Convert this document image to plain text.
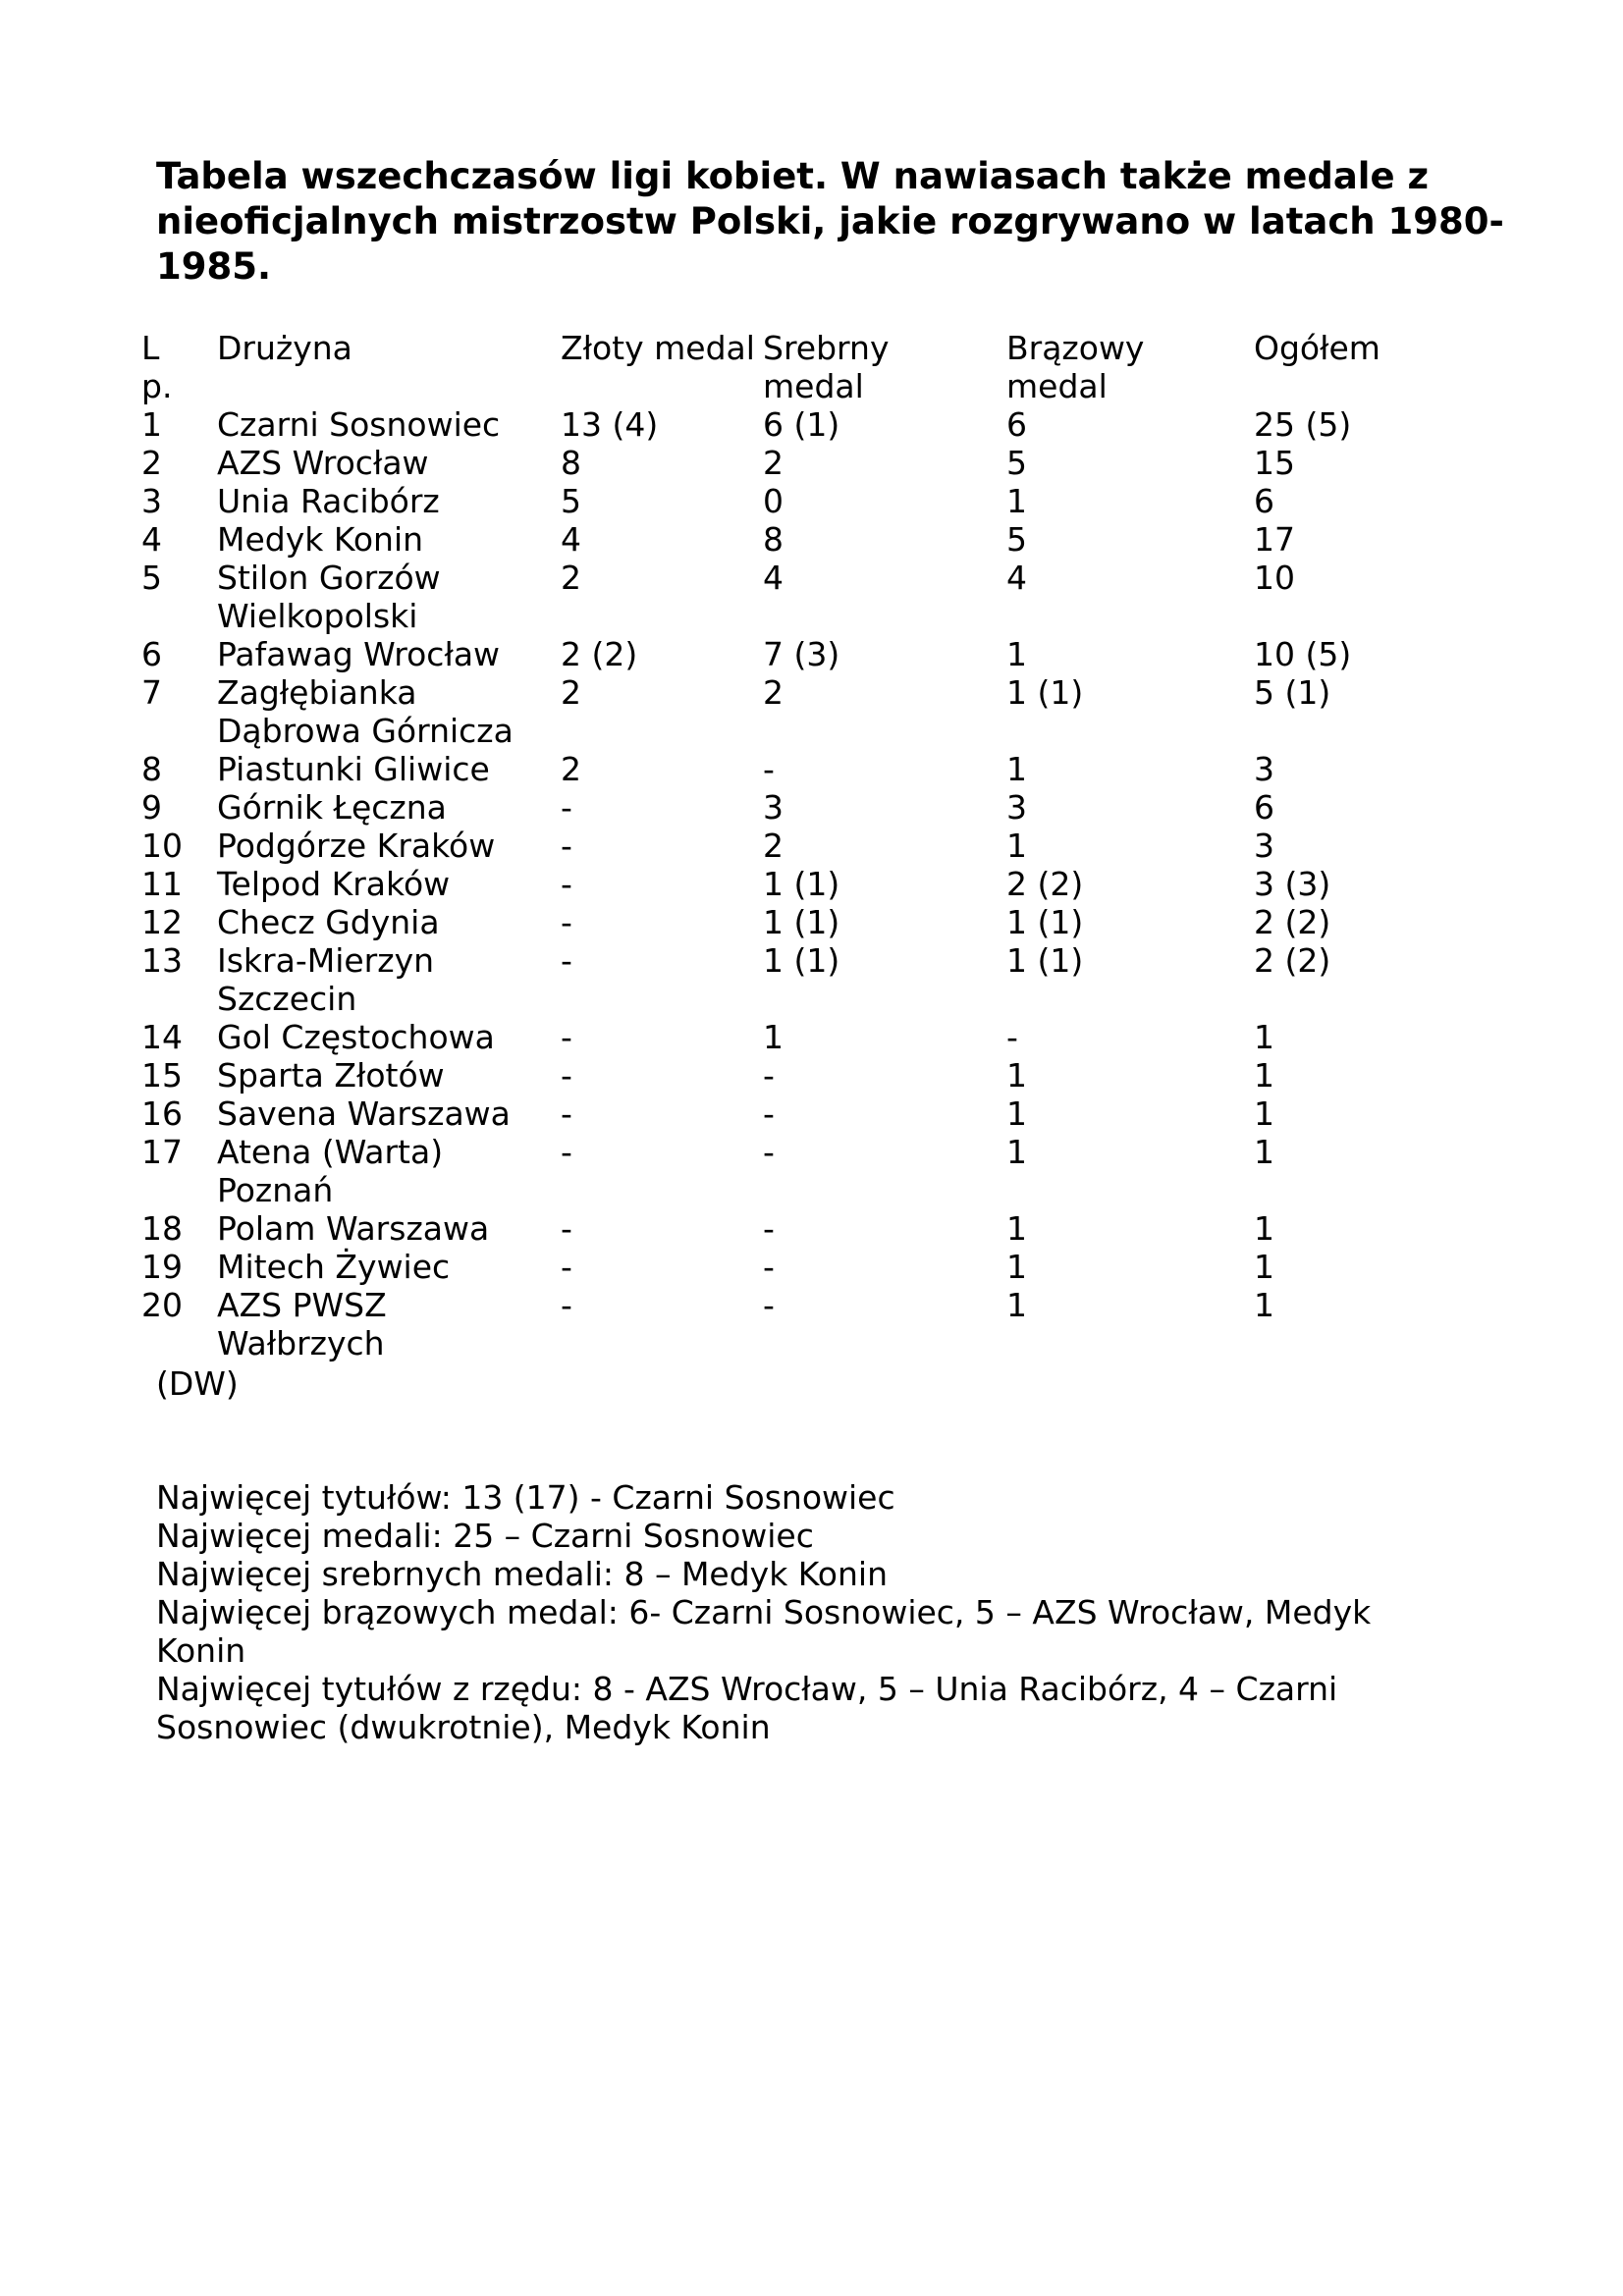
Tabela wszechczasów ligi kobiet. W nawiasach także medale z nieoficjalnych mistrzostw Polski, jakie rozgrywano w latach 1980-1985.
Lp.	Drużyna	Złoty medal	Srebrny medal	Brązowy medal	Ogółem
1	Czarni Sosnowiec	13 (4)	6 (1)	6	25 (5)
2	AZS Wrocław	8	2	5	15
3	Unia Racibórz	5	0	1	6
4	Medyk Konin	4	8	5	17
5	Stilon Gorzów Wielkopolski	2	4	4	10
6	Pafawag Wrocław	2 (2)	7 (3)	1	10 (5)
7	Zagłębianka Dąbrowa Górnicza	2	2	1 (1)	5 (1)
8	Piastunki Gliwice	2	-	1	3
9	Górnik Łęczna	-	3	3	6
10	Podgórze Kraków	-	2	1	3
11	Telpod Kraków	-	1 (1)	2 (2)	3 (3)
12	Checz Gdynia	-	1 (1)	1 (1)	2 (2)
13	Iskra-Mierzyn Szczecin	-	1 (1)	1 (1)	2 (2)
14	Gol Częstochowa	-	1	-	1
15	Sparta Złotów	-	-	1	1
16	Savena Warszawa	-	-	1	1
17	Atena (Warta) Poznań	-	-	1	1
18	Polam Warszawa	-	-	1	1
19	Mitech Żywiec	-	-	1	1
20	AZS PWSZ Wałbrzych	-	-	1	1
(DW)

Najwięcej tytułów: 13 (17) - Czarni Sosnowiec

Najwięcej medali: 25 – Czarni Sosnowiec

Najwięcej srebrnych medali: 8 – Medyk Konin

Najwięcej brązowych medal: 6- Czarni Sosnowiec, 5 – AZS Wrocław, Medyk Konin

Najwięcej tytułów z rzędu: 8 - AZS Wrocław, 5 – Unia Racibórz, 4 – Czarni Sosnowiec (dwukrotnie), Medyk Konin
